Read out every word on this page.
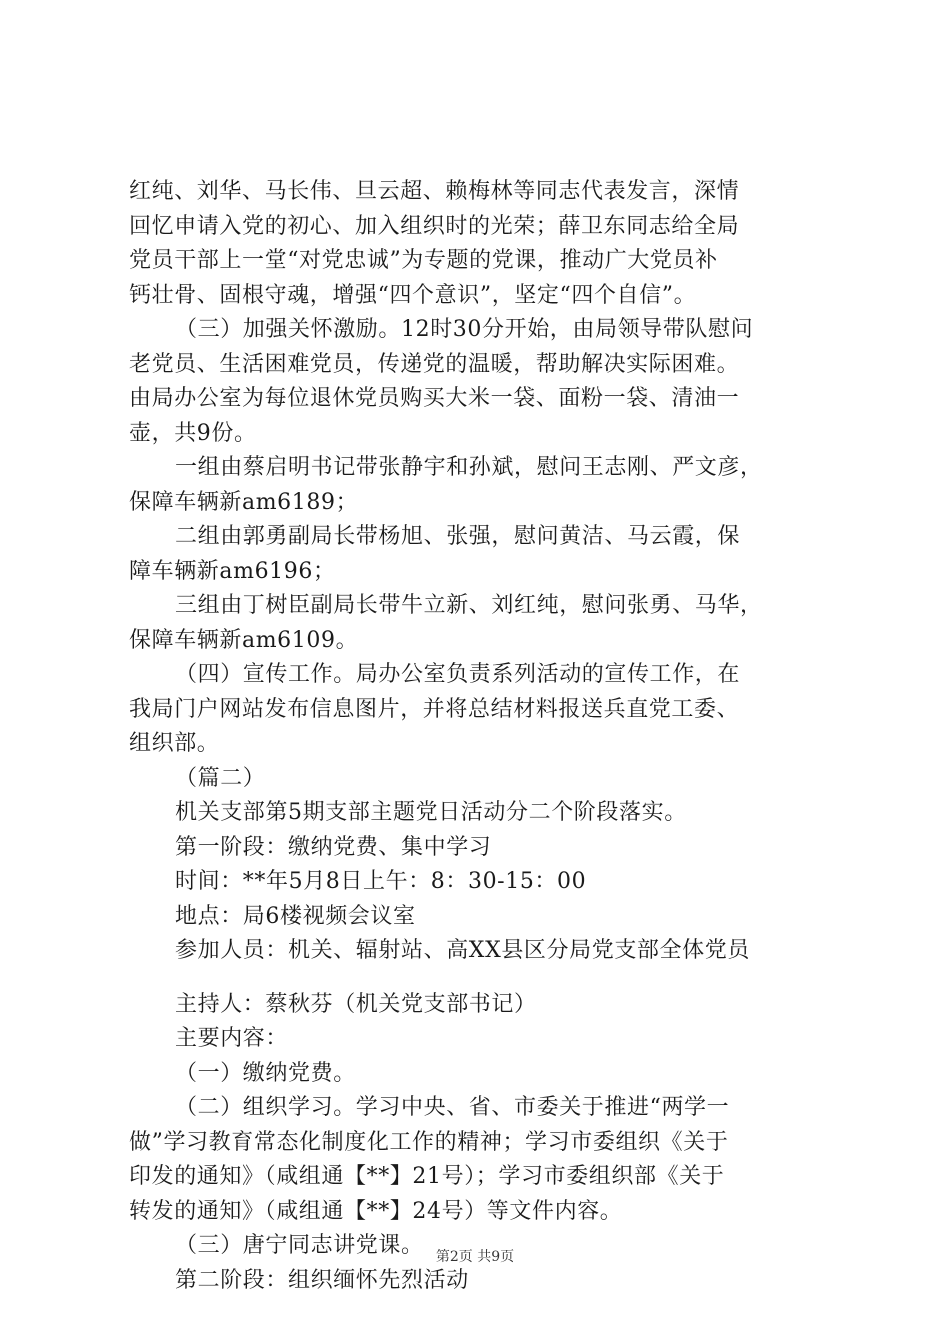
红纯、刘华、马长伟、旦云超、赖梅林等同志代表发言，深情
回忆申请入党的初心、加入组织时的光荣；薛卫东同志给全局
党员干部上一堂“对党忠诚”为专题的党课，推动广大党员补
钙壮骨、固根守魂，增强“四个意识”，坚定“四个自信”。
（三）加强关怀激励。12时30分开始，由局领导带队慰问
老党员、生活困难党员，传递党的温暖，帮助解决实际困难。
由局办公室为每位退休党员购买大米一袋、面粉一袋、清油一
壶，共9份。
一组由蔡启明书记带张静宇和孙斌，慰问王志刚、严文彦，
保障车辆新am6189；
二组由郭勇副局长带杨旭、张强，慰问黄洁、马云霞，保
障车辆新am6196；
三组由丁树臣副局长带牛立新、刘红纯，慰问张勇、马华，
保障车辆新am6109。
（四）宣传工作。局办公室负责系列活动的宣传工作，在
我局门户网站发布信息图片，并将总结材料报送兵直党工委、
组织部。
（篇二）
机关支部第5期支部主题党日活动分二个阶段落实。
第一阶段：缴纳党费、集中学习
时间：**年5月8日上午：8：30-15：00
地点：局6楼视频会议室
参加人员：机关、辐射站、高XX县区分局党支部全体党员
主持人：蔡秋芬（机关党支部书记）
主要内容：
（一）缴纳党费。
（二）组织学习。学习中央、省、市委关于推进“两学一
做”学习教育常态化制度化工作的精神；学习市委组织《关于
印发的通知》（咸组通【**】21号）；学习市委组织部《关于
转发的通知》（咸组通【**】24号）等文件内容。
（三）唐宁同志讲党课。
第二阶段：组织缅怀先烈活动
第2页 共9页
